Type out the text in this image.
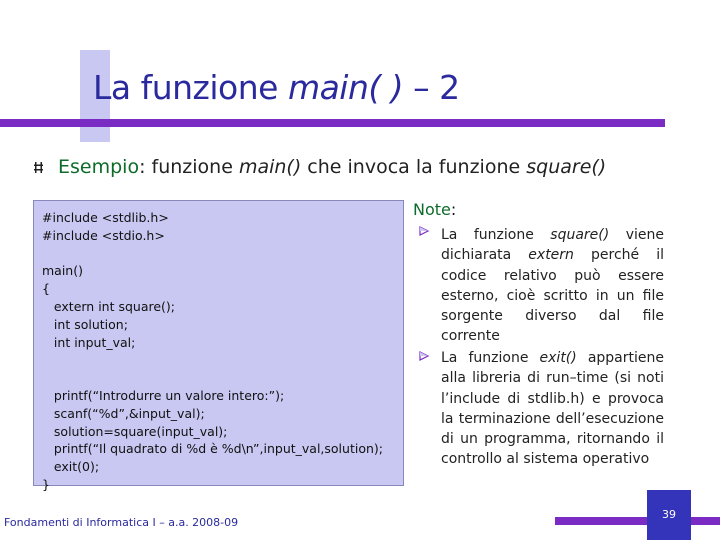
La funzione main( ) – 2
Esempio: funzione main() che invoca la funzione square()
#include <stdlib.h>
#include <stdio.h>

main()
{
extern int square();
int solution;
int input_val;

printf(“Introdurre un valore intero:”);
scanf(“%d”,&input_val);
solution=square(input_val);
printf(“Il quadrato di %d è %d\n”,input_val,solution);
exit(0);
}
Note:
La funzione square() viene dichiarata extern perché il codice relativo può essere esterno, cioè scritto in un file sorgente diverso dal file corrente
La funzione exit() appartiene alla libreria di run–time (si noti l’include di stdlib.h) e provoca la terminazione dell’esecuzione di un programma, ritornando il controllo al sistema operativo
39
Fondamenti di Informatica I – a.a. 2008-09
